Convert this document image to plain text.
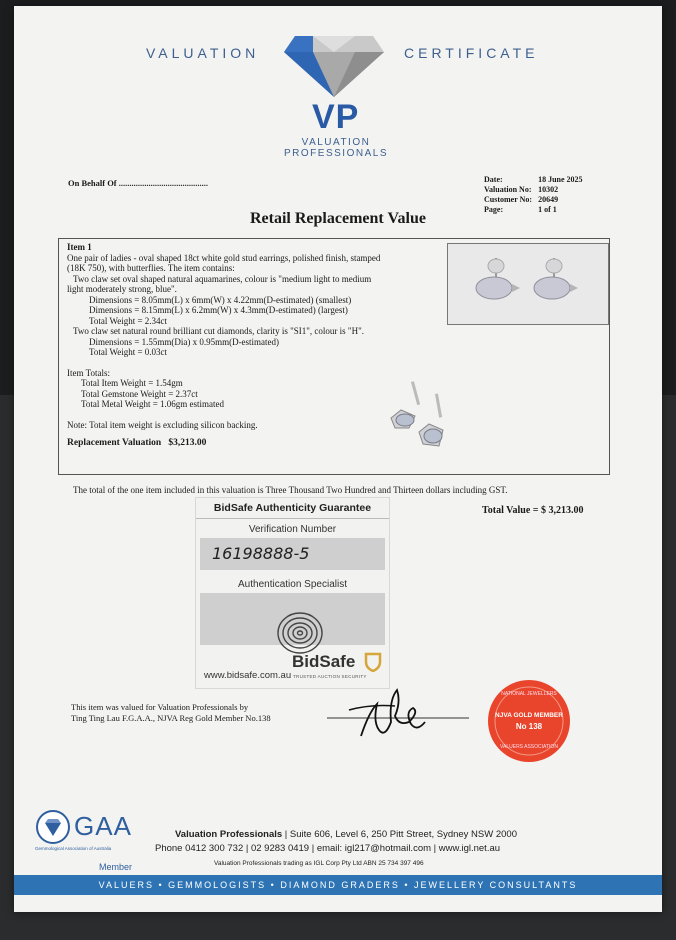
VALUATION	CERTIFICATE
VP
VALUATION
PROFESSIONALS
On Behalf Of ..........................................	Date:	18 June 2025
Valuation No:	10302
Customer No:	20649
Page:	1 of 1
Retail Replacement Value
Item 1
One pair of ladies - oval shaped 18ct white gold stud earrings, polished finish, stamped
(18K 750), with butterflies. The item contains:
Two claw set oval shaped natural aquamarines, colour is "medium light to medium
light moderately strong, blue".
Dimensions = 8.05mm(L) x 6mm(W) x 4.22mm(D-estimated) (smallest)
Dimensions = 8.15mm(L) x 6.2mm(W) x 4.3mm(D-estimated) (largest)
Total Weight = 2.34ct
Two claw set natural round brilliant cut diamonds, clarity is "SI1", colour is "H".
Dimensions = 1.55mm(Dia) x 0.95mm(D-estimated)
Total Weight = 0.03ct
Item Totals:
Total Item Weight = 1.54gm
Total Gemstone Weight = 2.37ct
Total Metal Weight = 1.06gm estimated
Note: Total item weight is excluding silicon backing.
Replacement Valuation $3,213.00
The total of the one item included in this valuation is Three Thousand Two Hundred and Thirteen dollars including GST.
Total Value = $ 3,213.00
BidSafe Authenticity Guarantee
Verification Number
16198888-5
Authentication Specialist
www.bidsafe.com.au
BidSafe
TRUSTED AUCTION SECURITY
This item was valued for Valuation Professionals by
Ting Ting Lau F.G.A.A., NJVA Reg Gold Member No.138
NATIONAL JEWELLERS
NJVA GOLD MEMBER
No 138
VALUERS ASSOCIATION
GAA
Gemmological Association of Australia
Member
Valuation Professionals | Suite 606, Level 6, 250 Pitt Street, Sydney NSW 2000
Phone 0412 300 732 | 02 9283 0419 | email: igl217@hotmail.com | www.igl.net.au
Valuation Professionals trading as IGL Corp Pty Ltd ABN 25 734 397 496
VALUERS • GEMMOLOGISTS • DIAMOND GRADERS • JEWELLERY CONSULTANTS
